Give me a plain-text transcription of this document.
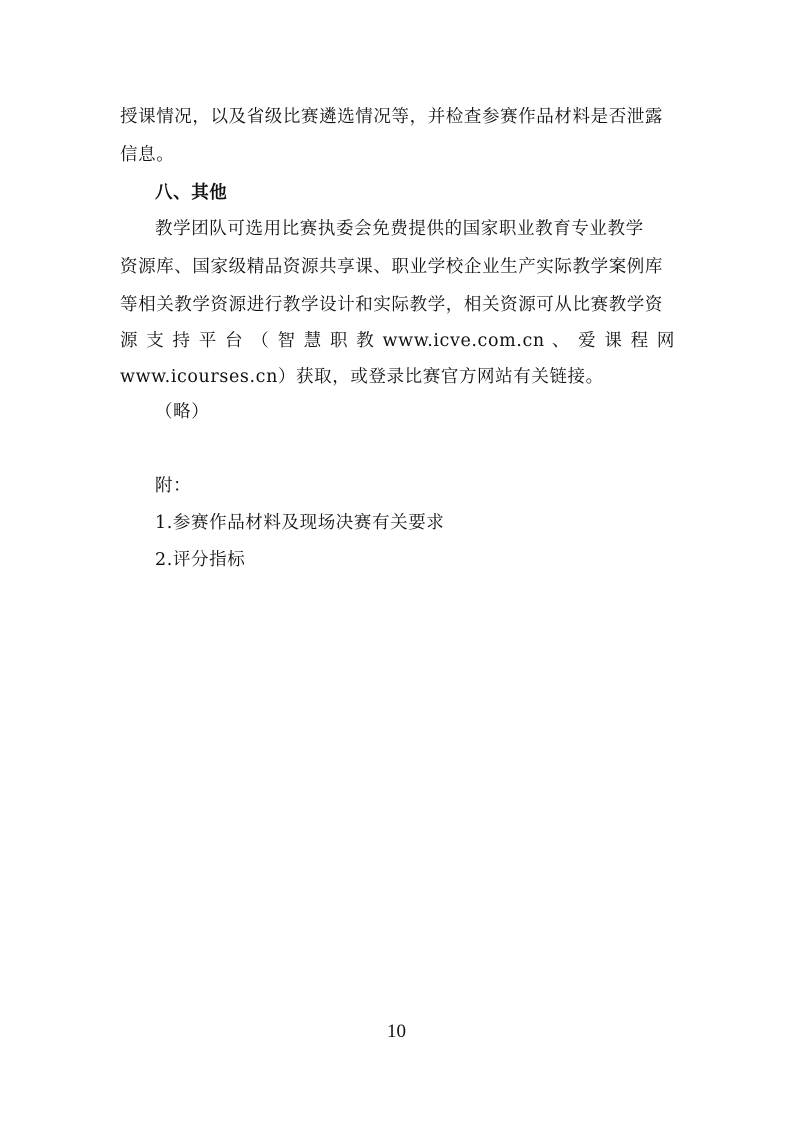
授课情况，以及省级比赛遴选情况等，并检查参赛作品材料是否泄露
信息。
八、其他
教学团队可选用比赛执委会免费提供的国家职业教育专业教学
资源库、国家级精品资源共享课、职业学校企业生产实际教学案例库
等相关教学资源进行教学设计和实际教学，相关资源可从比赛教学资
源 支 持 平 台 （ 智 慧 职 教 www.icve.com.cn 、 爱 课 程 网
www.icourses.cn）获取，或登录比赛官方网站有关链接。
（略）
附：
1.参赛作品材料及现场决赛有关要求
2.评分指标
10
